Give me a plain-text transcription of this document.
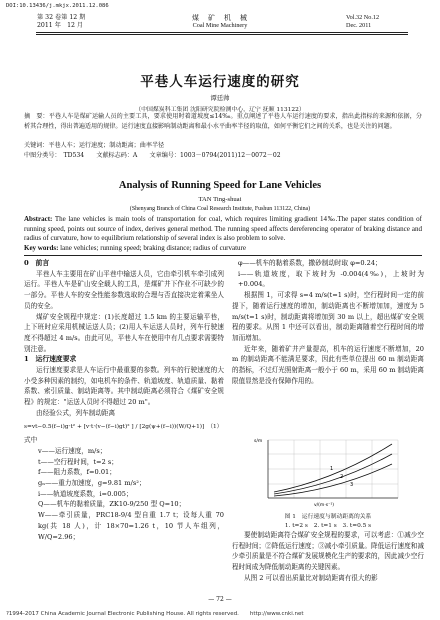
DOI:10.13436/j.mkjx.2011.12.086
第 32 卷第 12 期
2011 年　12 月
煤　矿　机　械
Coal Mine Machinery
Vol.32 No.12
Dec. 2011
平巷人车运行速度的研究
谭廷帅
（中国煤炭科工集团 沈阳研究院检测中心，辽宁 抚顺 113122）
摘　要：平巷人车是煤矿运输人员的主要工具，要求使用时着道坡度≤14‰。重点阐述了平巷人车运行速度的要求，指出此指标的来源和依据，分析其合理性，得出普遍适用的规律。运行速度直接影响制动距离和最小水平曲率半径的取值，如何平衡它们之间的关系，也是关注的问题。
关键词：平巷人车；运行速度；制动距离；曲率半径
中图分类号：　TD534　　文献标志码：A　　文章编号：1003－0794(2011)12－0072－02
Analysis of Running Speed for Lane Vehicles
TAN Ting-shuai
(Shenyang Branch of China Coal Research Institute, Fushun 113122, China)
Abstract: The lane vehicles is main tools of transportation for coal, which requires limiting gradient 14‰.The paper states condition of running speed, points out source of index, derives general method. The running speed affects dereferencing operator of braking distance and radius of curvature, how to equilibrium relationship of several index is also problem to solve.
Key words: lane vehicles; running speed; braking distance; radius of curvature

0　前言

平巷人车主要用在矿山平巷中输送人员，它由牵引机车牵引成列运行。平巷人车是矿山安全载人的工具，是煤矿井下作业不可缺少的一部分。平巷人车的安全性能参数选取的合理与否直接决定着乘坐人员的安全。

煤矿安全规程中规定：(1)长度超过 1.5 km 的主要运输平巷，上下班时应采用机械运送人员；(2)用人车运送人员时，列车行驶速度不得超过 4 m/s。由此可见，平巷人车在使用中有几点要求需要特别注意。

1　运行速度要求

运行速度要求是人车运行中最重要的参数。列车的行驶速度的大小受多种因素的制约，如电机车的条件、轨道坡度、轨道质量、黏着系数、索引质量、制动距离等。其中制动距离必须符合《煤矿安全规程》的规定："运送人员时不得超过 20 m"。

由经验公式，列车制动距离

s=vt−0.5(f−i)g·t² + [v·t·(v−(f−i)gt)² ] / [2g(ψ+(f−i))(W/Q+1)]　（1）

式中

v——运行速度，m/s；

t——空行程时间，t=2 s；

f——阻力系数，f=0.01；

gₙ——重力加速度，g=9.81 m/s²；

i——轨道坡度系数，i=0.005；

Q——机车的黏着质量，ZK10-9/250 型 Q=10；

W——牵引质量，PRC18-9/4 型自重 1.7 t；设每人重 70 kg(共 18 人)，计 18×70=1.26 t，10 节人车组列，W/Q=2.96；

φ——机车的黏着系数，撒砂制动时取 φ=0.24；

i——轨道坡度，取下坡时为 -0.004(4‰)，上坡时为+0.004。

根据图 1，可求得 s=4 m/s(t=1 s)时，空行程时间一定的前提下，随着运行速度的增加，制动距离也不断增加加，速度为 5 m/s(t=1 s)时，制动距离将增加到 30 m 以上，超出煤矿安全规程的要求。从图 1 中还可以看出，制动距离随着空行程时间的增加而增加。

近年来，随着矿井产量提高，机车的运行速度不断增加，20 m 的制动距离不能满足要求，因此有些单位提出 60 m 制动距离的指标，不过灯光照射距离一般小于 60 m，采用 60 m 制动距离限值显然是没有保障作用的。

1
2
3
s/m
v/(m·s⁻¹)
图 1　运行速度与制动距离的关系
1. t=2 s　2. t=1 s　3. t=0.5 s

要使制动距离符合煤矿安全规程的要求，可以考虑：①减少空行程时间；②降低运行速度；③减小牵引质量。降低运行速度和减少牵引质量是不符合煤矿发展规模化生产的要求的，因此减少空行程时间成为降低制动距离的关键因素。

从图 2 可以看出质量比对制动距离有很大的影

— 72 —
?1994-2017 China Academic Journal Electronic Publishing House. All rights reserved.　　http://www.cnki.net
